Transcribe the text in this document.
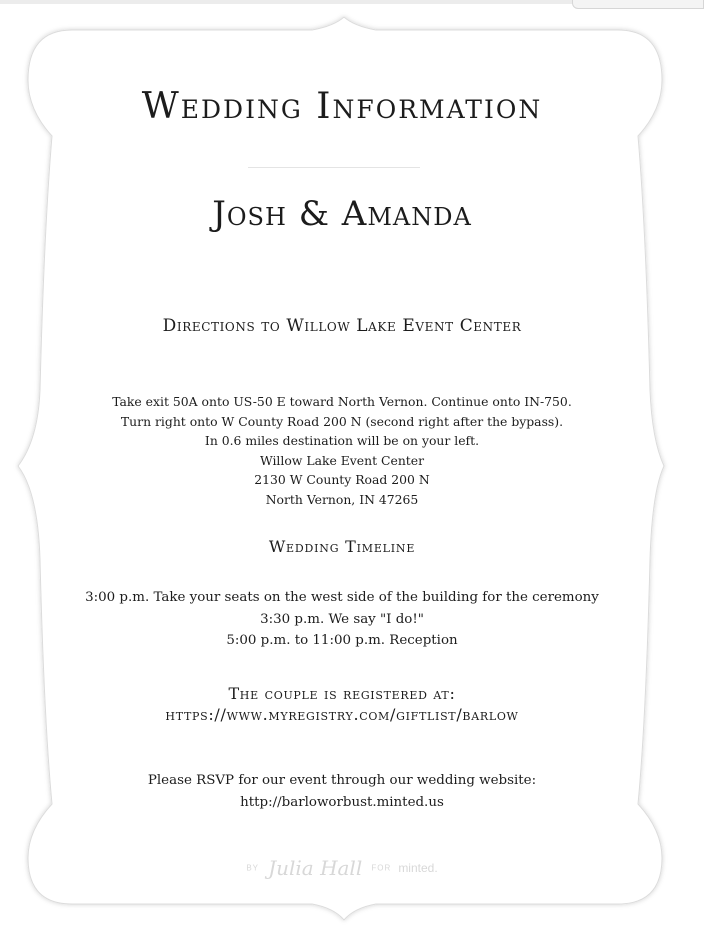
Wedding Information
Josh & Amanda
Directions to Willow Lake Event Center
Take exit 50A onto US-50 E toward North Vernon. Continue onto IN-750.
Turn right onto W County Road 200 N (second right after the bypass).
In 0.6 miles destination will be on your left.
Willow Lake Event Center
2130 W County Road 200 N
North Vernon, IN 47265
Wedding Timeline
3:00 p.m. Take your seats on the west side of the building for the ceremony
3:30 p.m. We say "I do!"
5:00 p.m. to 11:00 p.m. Reception
The couple is registered at:
https://www.myregistry.com/giftlist/barlow
Please RSVP for our event through our wedding website:
http://barloworbust.minted.us
BY Julia Hall FOR minted.
